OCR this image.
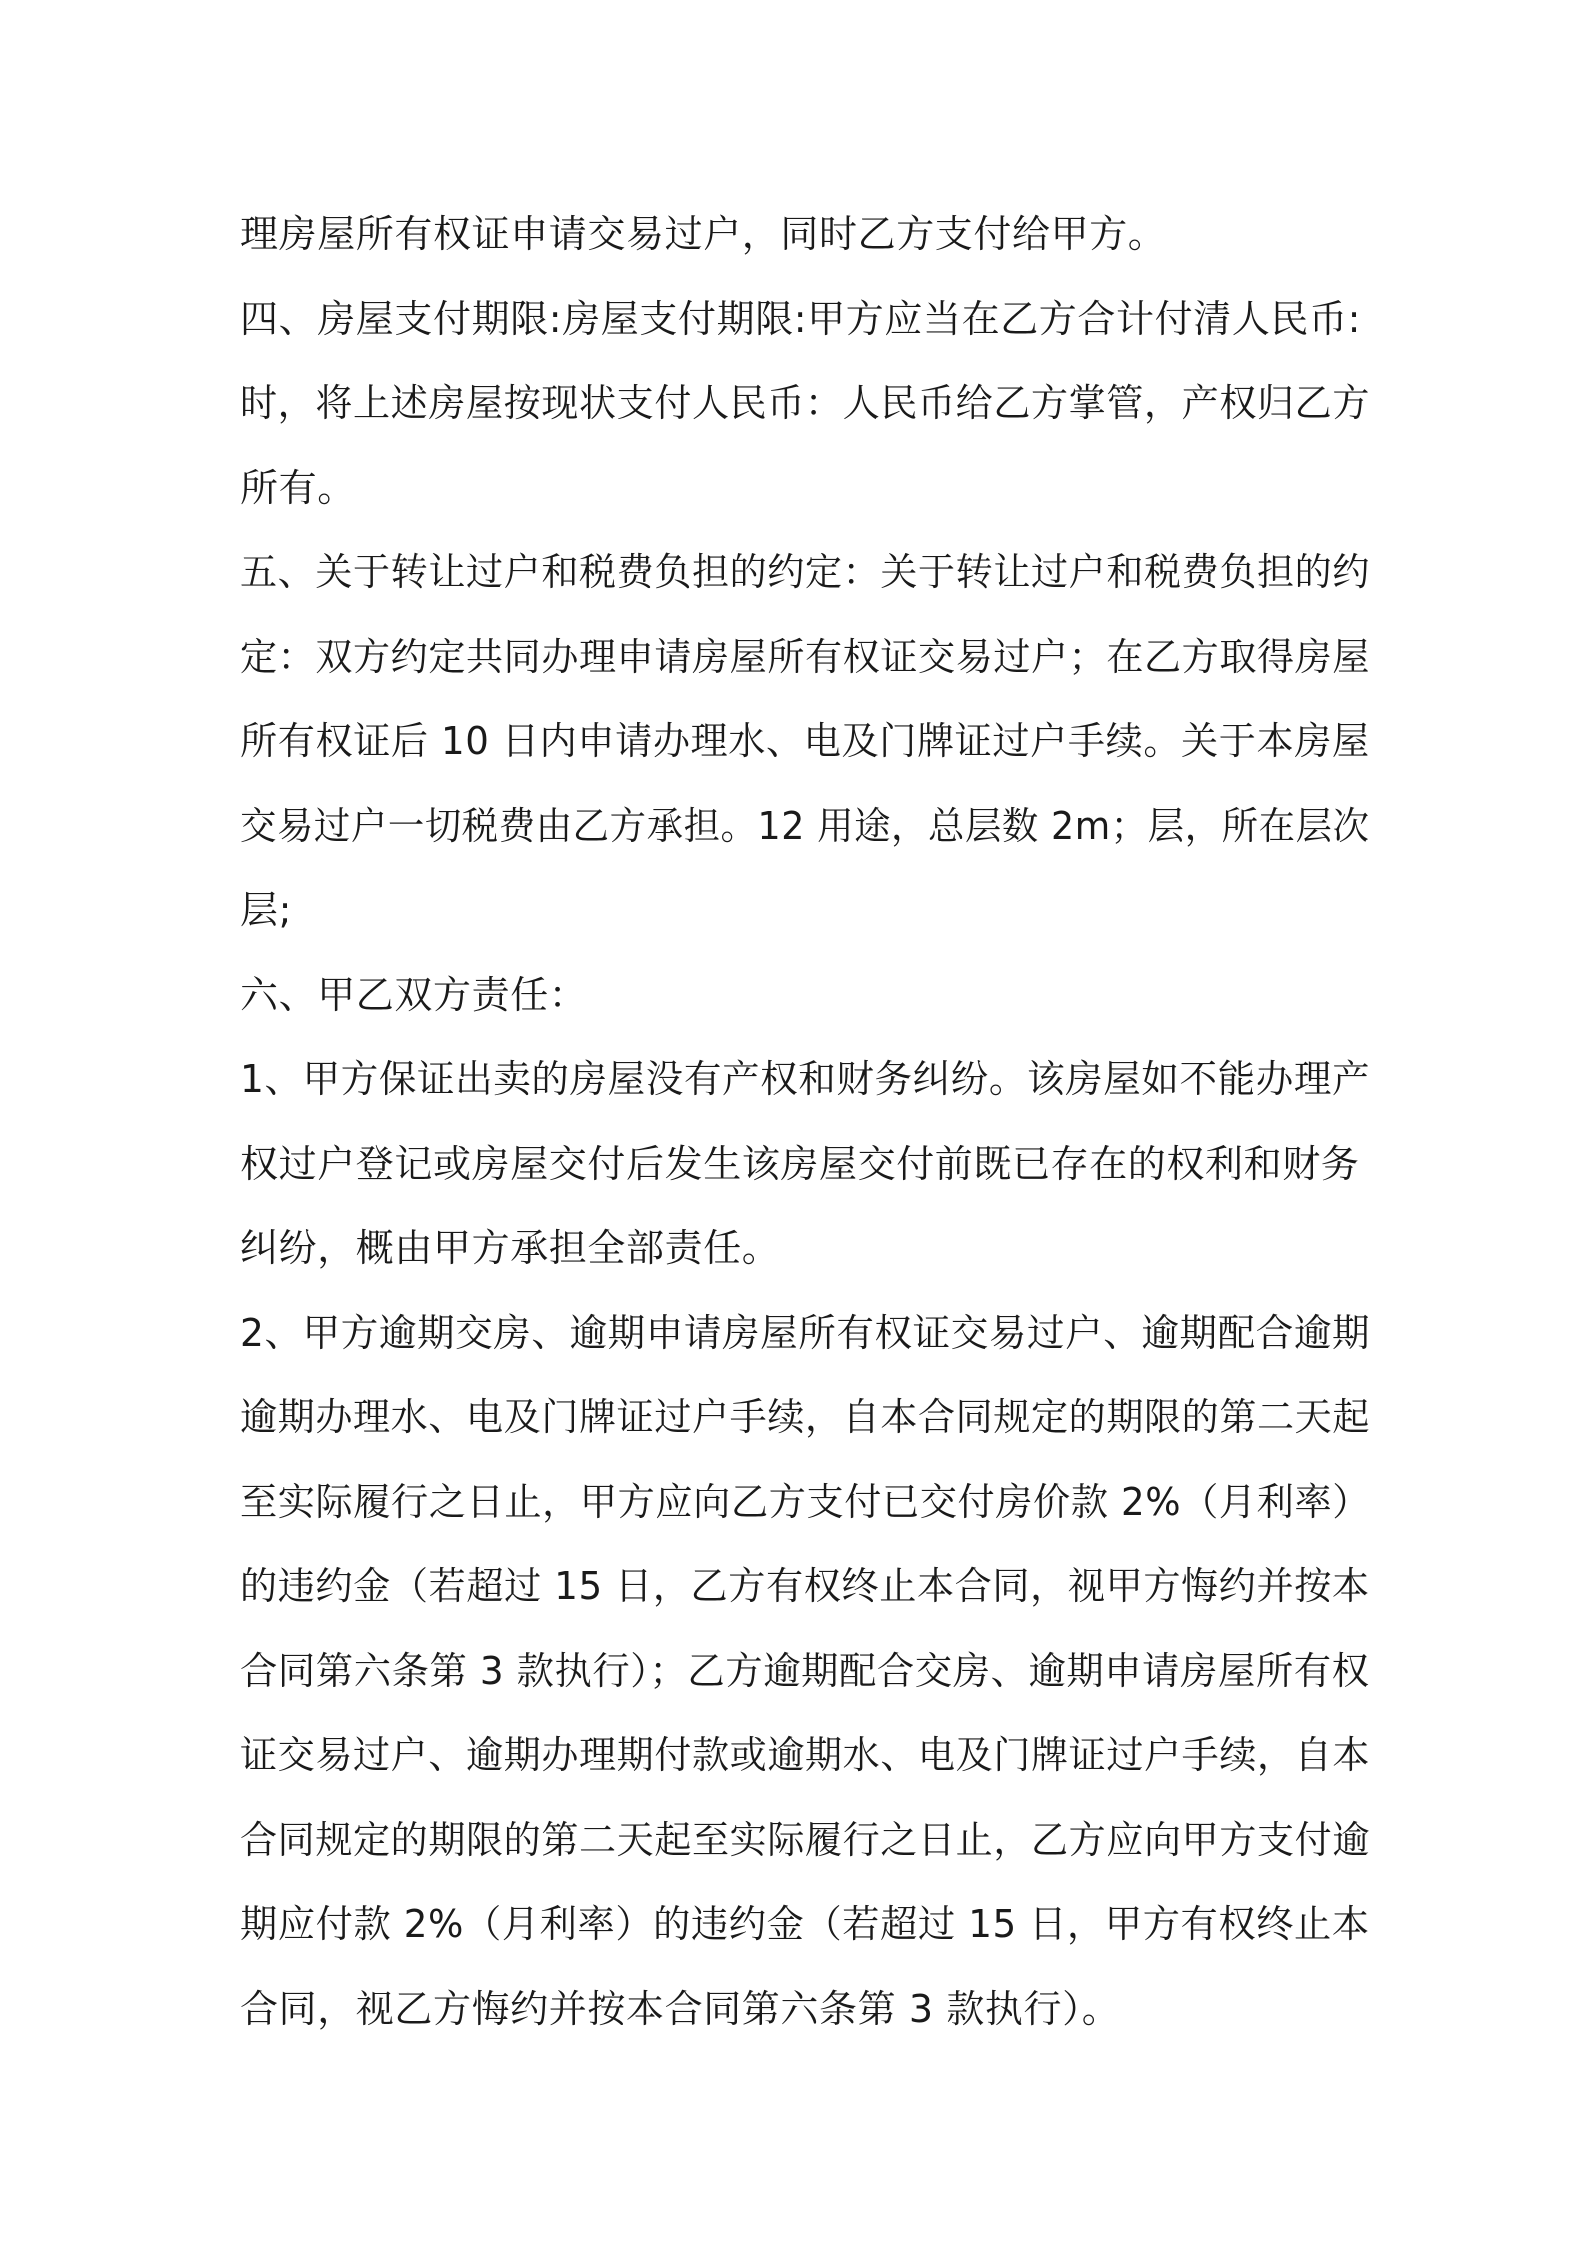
理房屋所有权证申请交易过户，同时乙方支付给甲方。
四、房屋支付期限:房屋支付期限:甲方应当在乙方合计付清人民币:
时，将上述房屋按现状支付人民币：人民币给乙方掌管，产权归乙方
所有。
五、关于转让过户和税费负担的约定：关于转让过户和税费负担的约
定：双方约定共同办理申请房屋所有权证交易过户；在乙方取得房屋
所有权证后 10 日内申请办理水、电及门牌证过户手续。关于本房屋
交易过户一切税费由乙方承担。12 用途，总层数 2m；层，所在层次
层;
六、甲乙双方责任：
1、甲方保证出卖的房屋没有产权和财务纠纷。该房屋如不能办理产
权过户登记或房屋交付后发生该房屋交付前既已存在的权利和财务
纠纷，概由甲方承担全部责任。
2、甲方逾期交房、逾期申请房屋所有权证交易过户、逾期配合逾期
逾期办理水、电及门牌证过户手续，自本合同规定的期限的第二天起
至实际履行之日止，甲方应向乙方支付已交付房价款 2%（月利率）
的违约金（若超过 15 日，乙方有权终止本合同，视甲方悔约并按本
合同第六条第 3 款执行）；乙方逾期配合交房、逾期申请房屋所有权
证交易过户、逾期办理期付款或逾期水、电及门牌证过户手续，自本
合同规定的期限的第二天起至实际履行之日止，乙方应向甲方支付逾
期应付款 2%（月利率）的违约金（若超过 15 日，甲方有权终止本
合同，视乙方悔约并按本合同第六条第 3 款执行）。
